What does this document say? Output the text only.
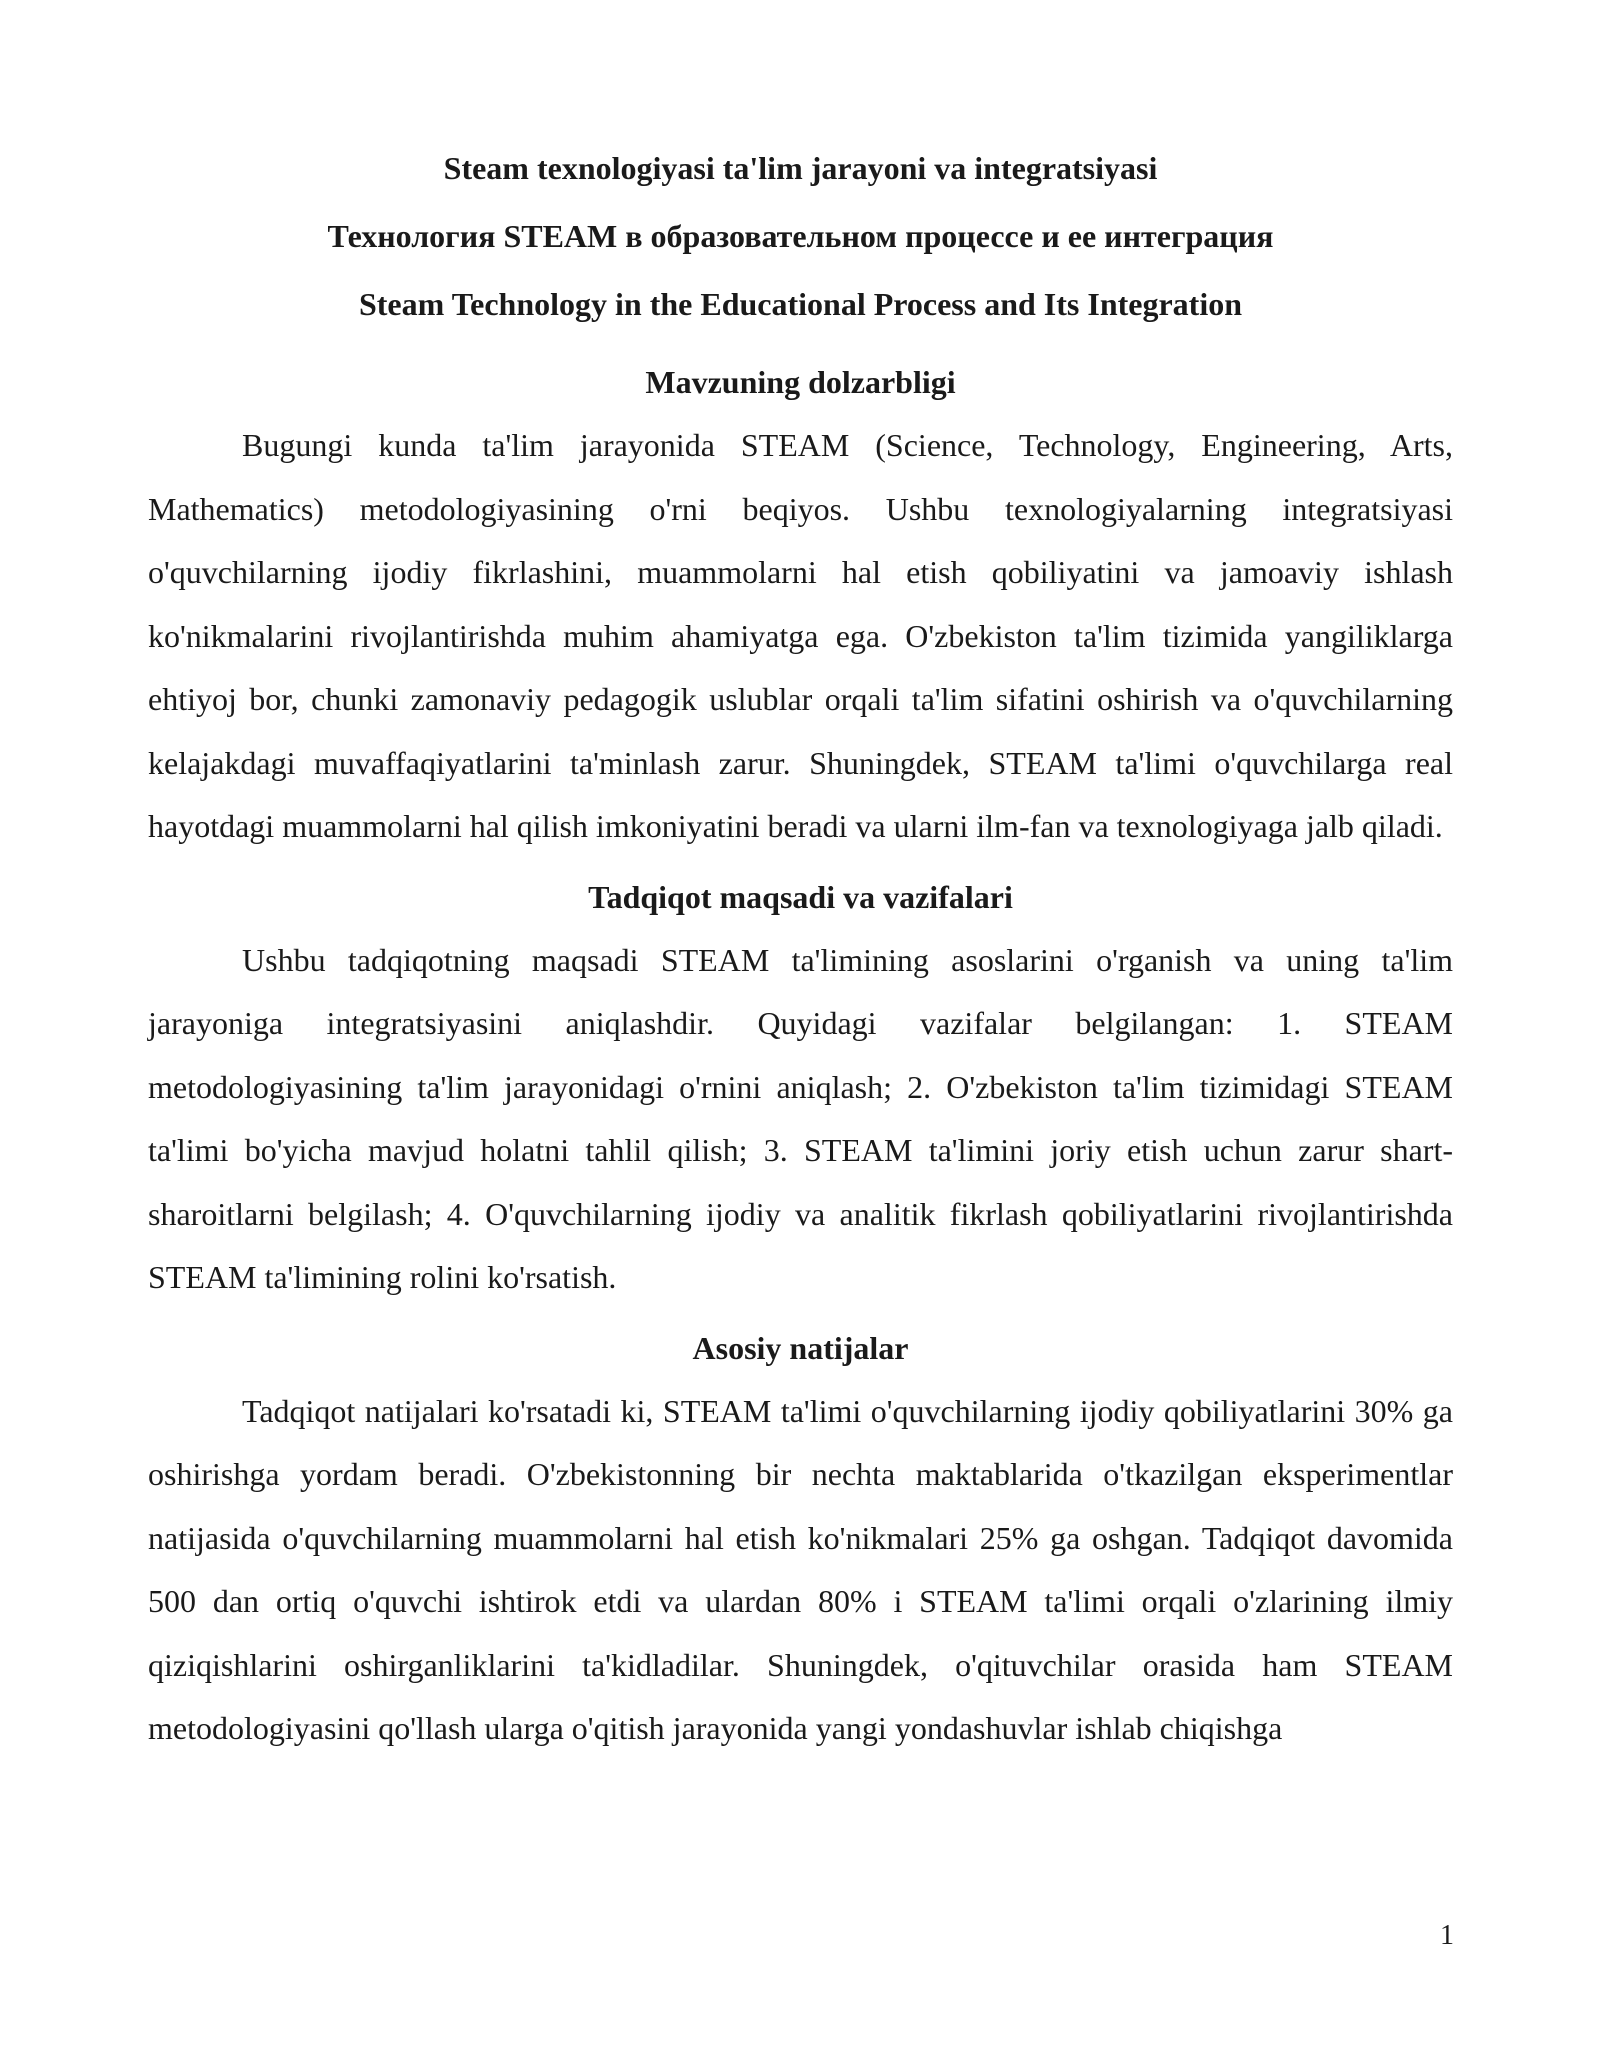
Steam texnologiyasi ta'lim jarayoni va integratsiyasi
Технология STEAM в образовательном процессе и ее интеграция
Steam Technology in the Educational Process and Its Integration
Mavzuning dolzarbligi

Bugungi kunda ta'lim jarayonida STEAM (Science, Technology, Engineering, Arts, Mathematics) metodologiyasining o'rni beqiyos. Ushbu texnologiyalarning integratsiyasi o'quvchilarning ijodiy fikrlashini, muammolarni hal etish qobiliyatini va jamoaviy ishlash ko'nikmalarini rivojlantirishda muhim ahamiyatga ega. O'zbekiston ta'lim tizimida yangiliklarga ehtiyoj bor, chunki zamonaviy pedagogik uslublar orqali ta'lim sifatini oshirish va o'quvchilarning kelajakdagi muvaffaqiyatlarini ta'minlash zarur. Shuningdek, STEAM ta'limi o'quvchilarga real hayotdagi muammolarni hal qilish imkoniyatini beradi va ularni ilm-fan va texnologiyaga jalb qiladi.

Tadqiqot maqsadi va vazifalari

Ushbu tadqiqotning maqsadi STEAM ta'limining asoslarini o'rganish va uning ta'lim jarayoniga integratsiyasini aniqlashdir. Quyidagi vazifalar belgilangan: 1. STEAM metodologiyasining ta'lim jarayonidagi o'rnini aniqlash; 2. O'zbekiston ta'lim tizimidagi STEAM ta'limi bo'yicha mavjud holatni tahlil qilish; 3. STEAM ta'limini joriy etish uchun zarur shart-sharoitlarni belgilash; 4. O'quvchilarning ijodiy va analitik fikrlash qobiliyatlarini rivojlantirishda STEAM ta'limining rolini ko'rsatish.

Asosiy natijalar

Tadqiqot natijalari ko'rsatadi ki, STEAM ta'limi o'quvchilarning ijodiy qobiliyatlarini 30% ga oshirishga yordam beradi. O'zbekistonning bir nechta maktablarida o'tkazilgan eksperimentlar natijasida o'quvchilarning muammolarni hal etish ko'nikmalari 25% ga oshgan. Tadqiqot davomida 500 dan ortiq o'quvchi ishtirok etdi va ulardan 80% i STEAM ta'limi orqali o'zlarining ilmiy qiziqishlarini oshirganliklarini ta'kidladilar. Shuningdek, o'qituvchilar orasida ham STEAM metodologiyasini qo'llash ularga o'qitish jarayonida yangi yondashuvlar ishlab chiqishga

1
